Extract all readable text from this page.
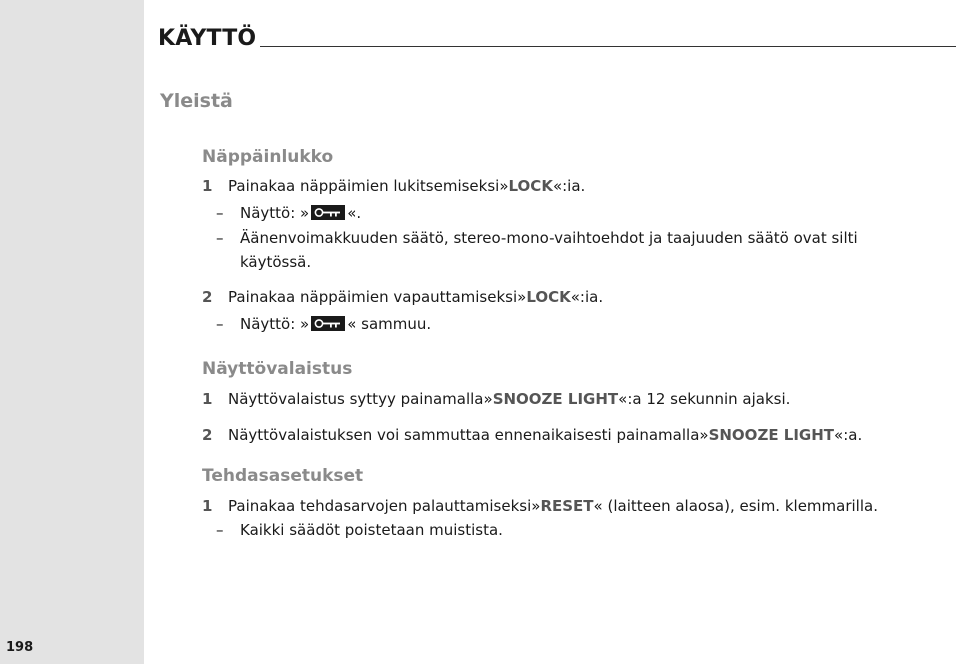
198
KÄYTTÖ
Yleistä
Näppäinlukko
1 Painakaa näppäimien lukitsemiseksi»LOCK«:ia.
– Näyttö: »	«.
– Äänenvoimakkuuden säätö, stereo-mono-vaihtoehdot ja taajuuden säätö ovat silti
käytössä.
2 Painakaa näppäimien vapauttamiseksi»LOCK«:ia.
– Näyttö: »	« sammuu.
Näyttövalaistus
1 Näyttövalaistus syttyy painamalla»SNOOZE LIGHT«:a 12 sekunnin ajaksi.
2 Näyttövalaistuksen voi sammuttaa ennenaikaisesti painamalla»SNOOZE LIGHT«:a.
Tehdasasetukset
1 Painakaa tehdasarvojen palauttamiseksi»RESET« (laitteen alaosa), esim. klemmarilla.
– Kaikki säädöt poistetaan muistista.
